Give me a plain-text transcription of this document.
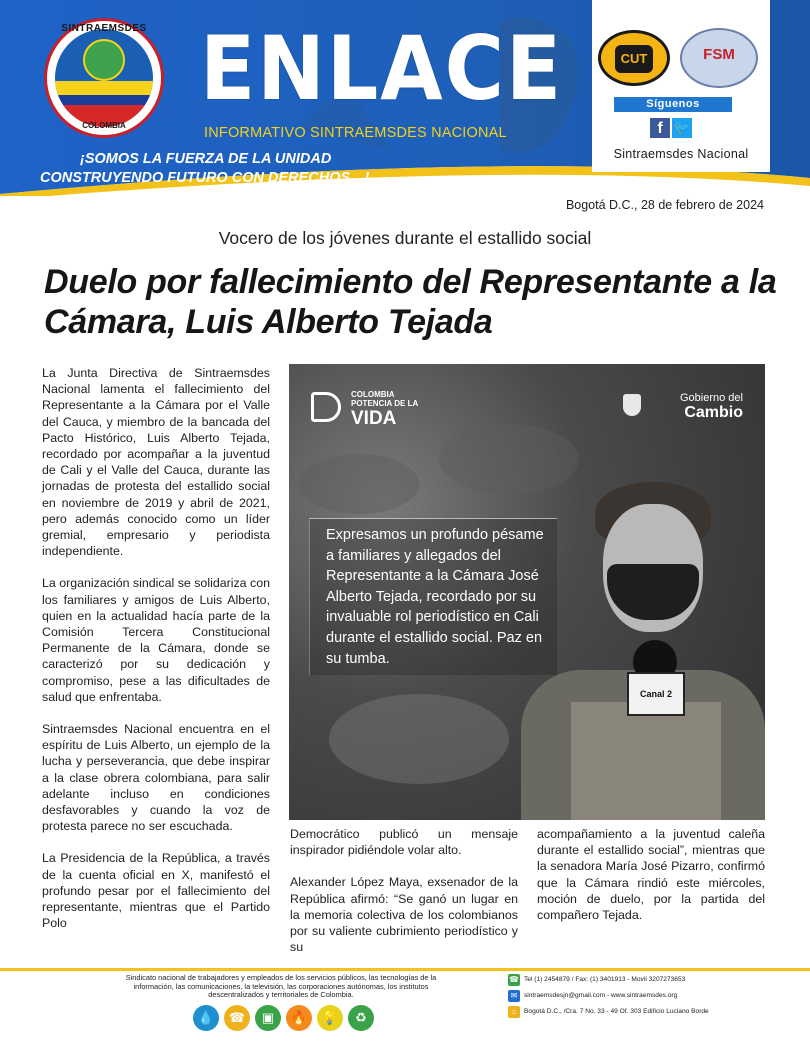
SINTRAEMSDES
COLOMBIA
ENLACE
INFORMATIVO SINTRAEMSDES NACIONAL
¡SOMOS LA FUERZA DE LA UNIDAD
CONSTRUYENDO FUTURO CON DERECHOS…!
CUT	FSM
Síguenos
f 🐦
Sintraemsdes Nacional
Bogotá D.C., 28 de febrero de 2024
Vocero de los jóvenes durante el estallido social
Duelo por fallecimiento del Representante a la Cámara, Luis Alberto Tejada

La Junta Directiva de Sintraemsdes Nacional lamenta el fallecimiento del Representante a la Cámara por el Valle del Cauca, y miembro de la bancada del Pacto Histórico, Luis Alberto Tejada, recordado por acompañar a la juventud de Cali y el Valle del Cauca, durante las jornadas de protesta del estallido social en noviembre de 2019 y abril de 2021, pero además conocido como un líder gremial, empresario y periodista independiente.

La organización sindical se solidariza con los familiares y amigos de Luis Alberto, quien en la actualidad hacía parte de la Comisión Tercera Constitucional Permanente de la Cámara, donde se caracterizó por su dedicación y compromiso, pese a las dificultades de salud que enfrentaba.

Sintraemsdes Nacional encuentra en el espíritu de Luis Alberto, un ejemplo de la lucha y perseverancia, que debe inspirar a la clase obrera colombiana, para salir adelante incluso en condiciones desfavorables y cuando la voz de protesta parece no ser escuchada.

La Presidencia de la República, a través de la cuenta oficial en X, manifestó el profundo pesar por el fallecimiento del representante, mientras que el Partido Polo

COLOMBIA
POTENCIA DE LA
VIDA
Gobierno del
Cambio
Expresamos un profundo pésame a familiares y allegados del Representante a la Cámara José Alberto Tejada, recordado por su invaluable rol periodístico en Cali durante el estallido social. Paz en su tumba.
Canal 2

Democrático publicó un mensaje inspirador pidiéndole volar alto.

Alexander López Maya, exsenador de la República afirmó: “Se ganó un lugar en la memoria colectiva de los colombianos por su valiente cubrimiento periodístico y su

acompañamiento a la juventud caleña durante el estallido social”, mientras que la senadora María José Pizarro, confirmó que la Cámara rindió este miércoles, moción de duelo, por la partida del compañero Tejada.

Sindicato nacional de trabajadores y empleados de los servicios públicos, las tecnologías de la información, las comunicaciones, la televisión, las corporaciones autónomas, los institutos descentralizados y territoriales de Colombia.
💧	☎	▣	🔥	💡	♻
☎ Tel (1) 2454879 / Fax: (1) 3401913 - Movil 3207273653
✉	sintraemsdesjn@gmail.com - www.sintraemsdes.org
⌂	Bogotá D.C., /Cra. 7 No. 33 - 49 Of. 303 Edificio Luciano Borde
